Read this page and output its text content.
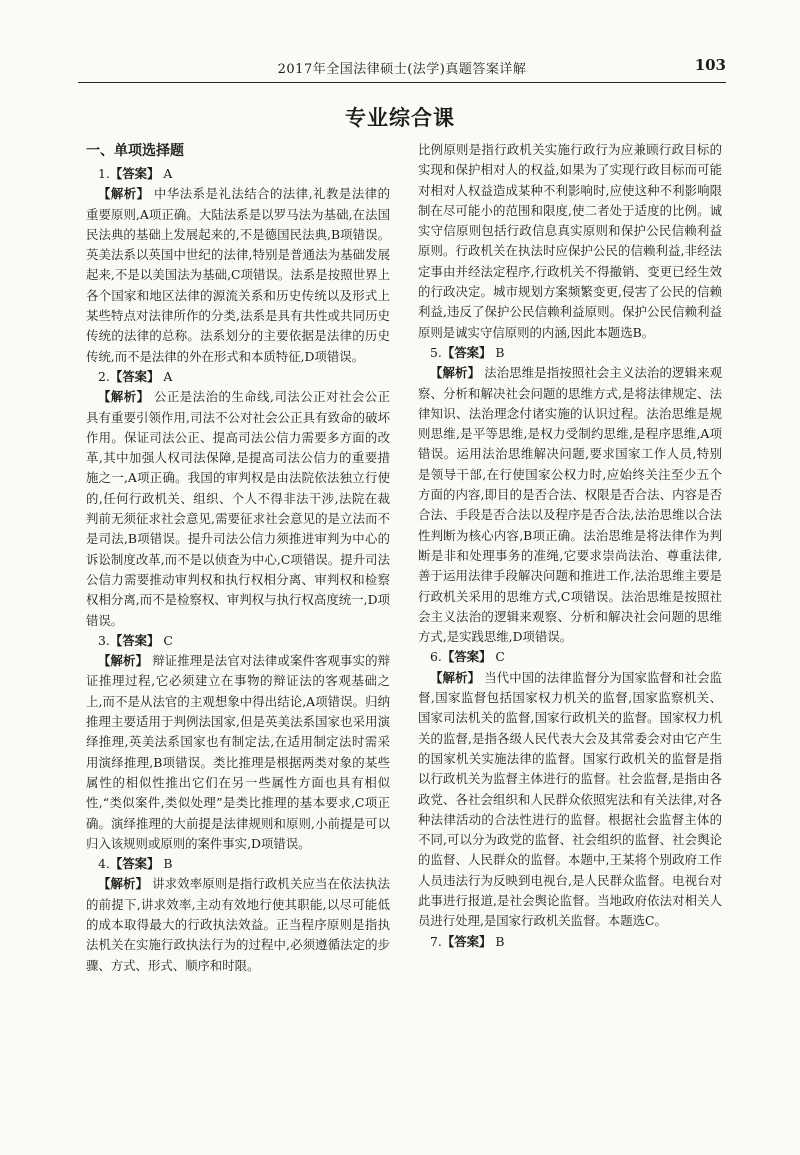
2017年全国法律硕士(法学)真题答案详解	103
专业综合课

一、单项选择题

1.【答案】 A

【解析】 中华法系是礼法结合的法律,礼教是法律的重要原则,A项正确。大陆法系是以罗马法为基础,在法国民法典的基础上发展起来的,不是德国民法典,B项错误。英美法系以英国中世纪的法律,特别是普通法为基础发展起来,不是以美国法为基础,C项错误。法系是按照世界上各个国家和地区法律的源流关系和历史传统以及形式上某些特点对法律所作的分类,法系是具有共性或共同历史传统的法律的总称。法系划分的主要依据是法律的历史传统,而不是法律的外在形式和本质特征,D项错误。

2.【答案】 A

【解析】 公正是法治的生命线,司法公正对社会公正具有重要引领作用,司法不公对社会公正具有致命的破坏作用。保证司法公正、提高司法公信力需要多方面的改革,其中加强人权司法保障,是提高司法公信力的重要措施之一,A项正确。我国的审判权是由法院依法独立行使的,任何行政机关、组织、个人不得非法干涉,法院在裁判前无须征求社会意见,需要征求社会意见的是立法而不是司法,B项错误。提升司法公信力须推进审判为中心的诉讼制度改革,而不是以侦查为中心,C项错误。提升司法公信力需要推动审判权和执行权相分离、审判权和检察权相分离,而不是检察权、审判权与执行权高度统一,D项错误。

3.【答案】 C

【解析】 辩证推理是法官对法律或案件客观事实的辩证推理过程,它必须建立在事物的辩证法的客观基础之上,而不是从法官的主观想象中得出结论,A项错误。归纳推理主要适用于判例法国家,但是英美法系国家也采用演绎推理,英美法系国家也有制定法,在适用制定法时需采用演绎推理,B项错误。类比推理是根据两类对象的某些属性的相似性推出它们在另一些属性方面也具有相似性,“类似案件,类似处理”是类比推理的基本要求,C项正确。演绎推理的大前提是法律规则和原则,小前提是可以归入该规则或原则的案件事实,D项错误。

4.【答案】 B

【解析】 讲求效率原则是指行政机关应当在依法执法的前提下,讲求效率,主动有效地行使其职能,以尽可能低的成本取得最大的行政执法效益。正当程序原则是指执法机关在实施行政执法行为的过程中,必须遵循法定的步骤、方式、形式、顺序和时限。

比例原则是指行政机关实施行政行为应兼顾行政目标的实现和保护相对人的权益,如果为了实现行政目标而可能对相对人权益造成某种不利影响时,应使这种不利影响限制在尽可能小的范围和限度,使二者处于适度的比例。诚实守信原则包括行政信息真实原则和保护公民信赖利益原则。行政机关在执法时应保护公民的信赖利益,非经法定事由并经法定程序,行政机关不得撤销、变更已经生效的行政决定。城市规划方案频繁变更,侵害了公民的信赖利益,违反了保护公民信赖利益原则。保护公民信赖利益原则是诚实守信原则的内涵,因此本题选B。

5.【答案】 B

【解析】 法治思维是指按照社会主义法治的逻辑来观察、分析和解决社会问题的思维方式,是将法律规定、法律知识、法治理念付诸实施的认识过程。法治思维是规则思维,是平等思维,是权力受制约思维,是程序思维,A项错误。运用法治思维解决问题,要求国家工作人员,特别是领导干部,在行使国家公权力时,应始终关注至少五个方面的内容,即目的是否合法、权限是否合法、内容是否合法、手段是否合法以及程序是否合法,法治思维以合法性判断为核心内容,B项正确。法治思维是将法律作为判断是非和处理事务的准绳,它要求崇尚法治、尊重法律,善于运用法律手段解决问题和推进工作,法治思维主要是行政机关采用的思维方式,C项错误。法治思维是按照社会主义法治的逻辑来观察、分析和解决社会问题的思维方式,是实践思维,D项错误。

6.【答案】 C

【解析】 当代中国的法律监督分为国家监督和社会监督,国家监督包括国家权力机关的监督,国家监察机关、国家司法机关的监督,国家行政机关的监督。国家权力机关的监督,是指各级人民代表大会及其常委会对由它产生的国家机关实施法律的监督。国家行政机关的监督是指以行政机关为监督主体进行的监督。社会监督,是指由各政党、各社会组织和人民群众依照宪法和有关法律,对各种法律活动的合法性进行的监督。根据社会监督主体的不同,可以分为政党的监督、社会组织的监督、社会舆论的监督、人民群众的监督。本题中,王某将个别政府工作人员违法行为反映到电视台,是人民群众监督。电视台对此事进行报道,是社会舆论监督。当地政府依法对相关人员进行处理,是国家行政机关监督。本题选C。

7.【答案】 B
